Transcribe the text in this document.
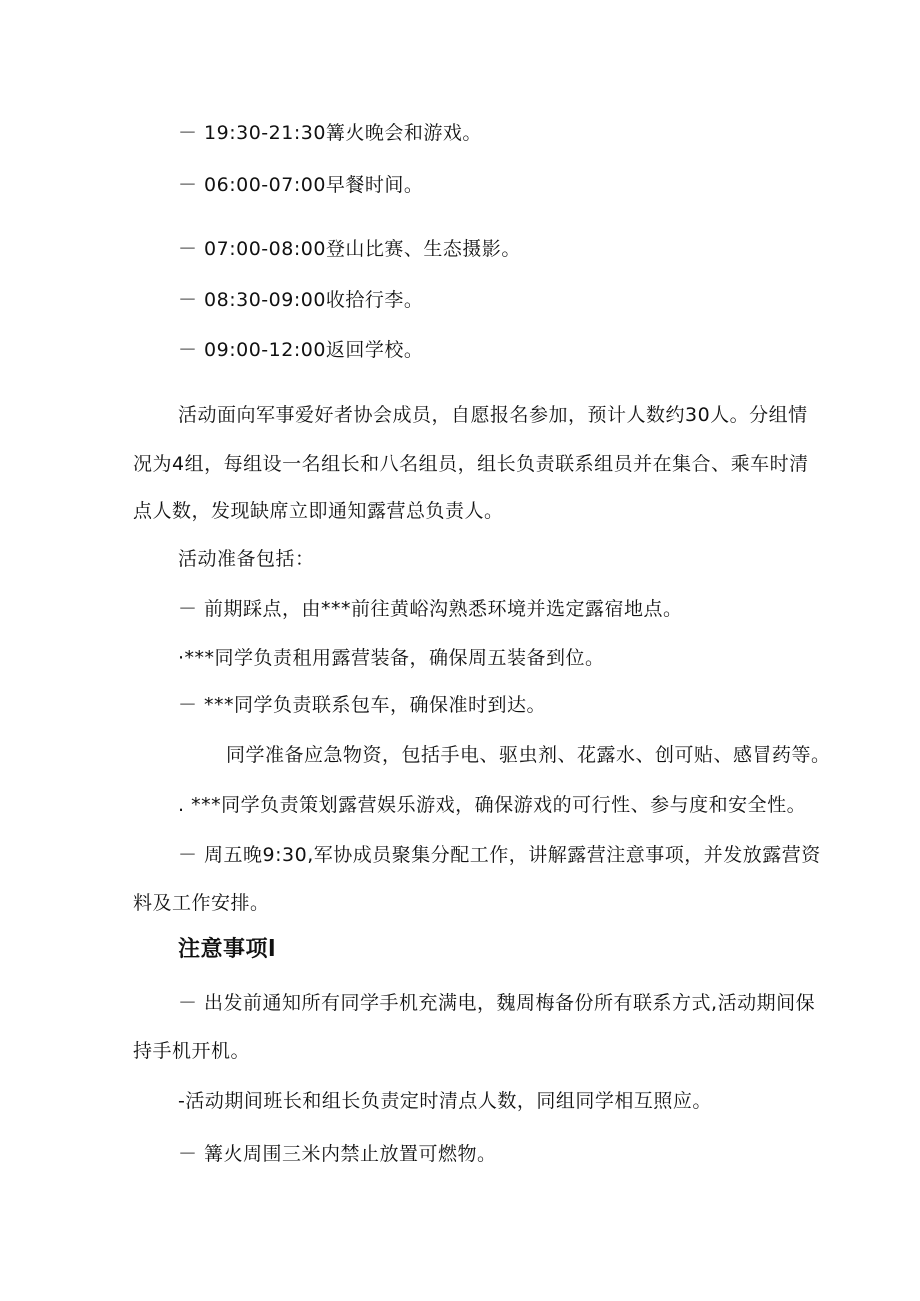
－ 19:30-21:30篝火晚会和游戏。
－ 06:00-07:00早餐时间。
－ 07:00-08:00登山比赛、生态摄影。
－ 08:30-09:00收拾行李。
－ 09:00-12:00返回学校。
活动面向军事爱好者协会成员，自愿报名参加，预计人数约30人。分组情
况为4组，每组设一名组长和八名组员，组长负责联系组员并在集合、乘车时清
点人数，发现缺席立即通知露营总负责人。
活动准备包括：
－ 前期踩点，由***前往黄峪沟熟悉环境并选定露宿地点。
·***同学负责租用露营装备，确保周五装备到位。
－ ***同学负责联系包车，确保准时到达。
同学准备应急物资，包括手电、驱虫剂、花露水、创可贴、感冒药等。
. ***同学负责策划露营娱乐游戏，确保游戏的可行性、参与度和安全性。
－ 周五晚9:30,军协成员聚集分配工作，讲解露营注意事项，并发放露营资
料及工作安排。
注意事项l
－ 出发前通知所有同学手机充满电，魏周梅备份所有联系方式,活动期间保
持手机开机。
-活动期间班长和组长负责定时清点人数，同组同学相互照应。
－ 篝火周围三米内禁止放置可燃物。
